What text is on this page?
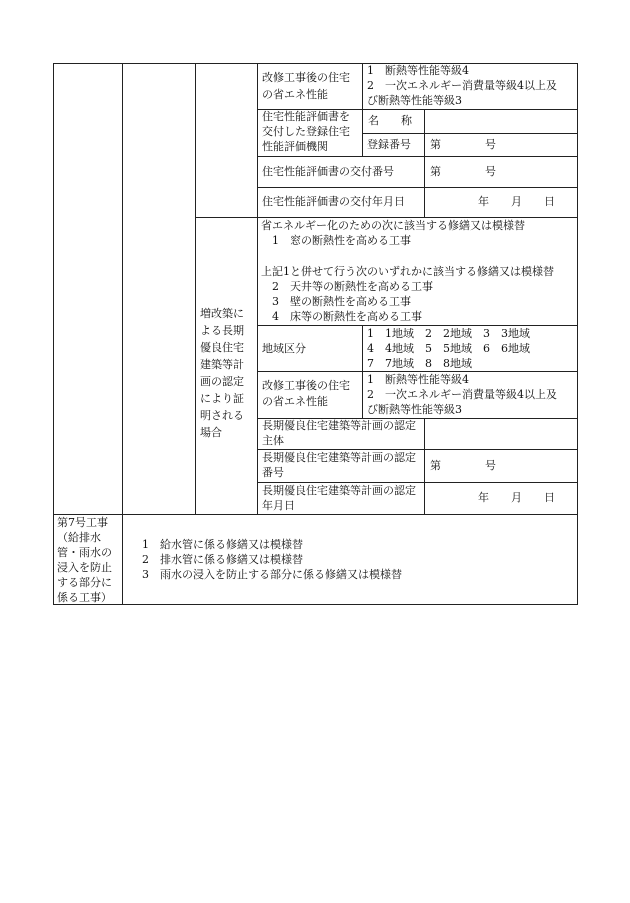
改修工事後の住宅
の省エネ性能
1　断熱等性能等級4
2　一次エネルギー消費量等級4以上及
び断熱等性能等級3
住宅性能評価書を
交付した登録住宅
性能評価機関
名　　称
登録番号 第　　　　号
住宅性能評価書の交付番号	第　　　　号
住宅性能評価書の交付年月日	年　　月　　日
増改築に
よる長期
優良住宅
建築等計
画の認定
により証
明される
場合
省エネルギー化のための次に該当する修繕又は模様替
　1　窓の断熱性を高める工事
上記1と併せて行う次のいずれかに該当する修繕又は模様替
　2　天井等の断熱性を高める工事
　3　壁の断熱性を高める工事
　4　床等の断熱性を高める工事
地域区分
1　1地域　2　2地域　3　3地域
4　4地域　5　5地域　6　6地域
7　7地域　8　8地域
改修工事後の住宅
の省エネ性能
1　断熱等性能等級4
2　一次エネルギー消費量等級4以上及
び断熱等性能等級3
長期優良住宅建築等計画の認定
主体
長期優良住宅建築等計画の認定
番号
第　　　　号
長期優良住宅建築等計画の認定
年月日
年　　月　　日
第7号工事
（給排水
管・雨水の
浸入を防止
する部分に
係る工事）
1　給水管に係る修繕又は模様替
2　排水管に係る修繕又は模様替
3　雨水の浸入を防止する部分に係る修繕又は模様替
